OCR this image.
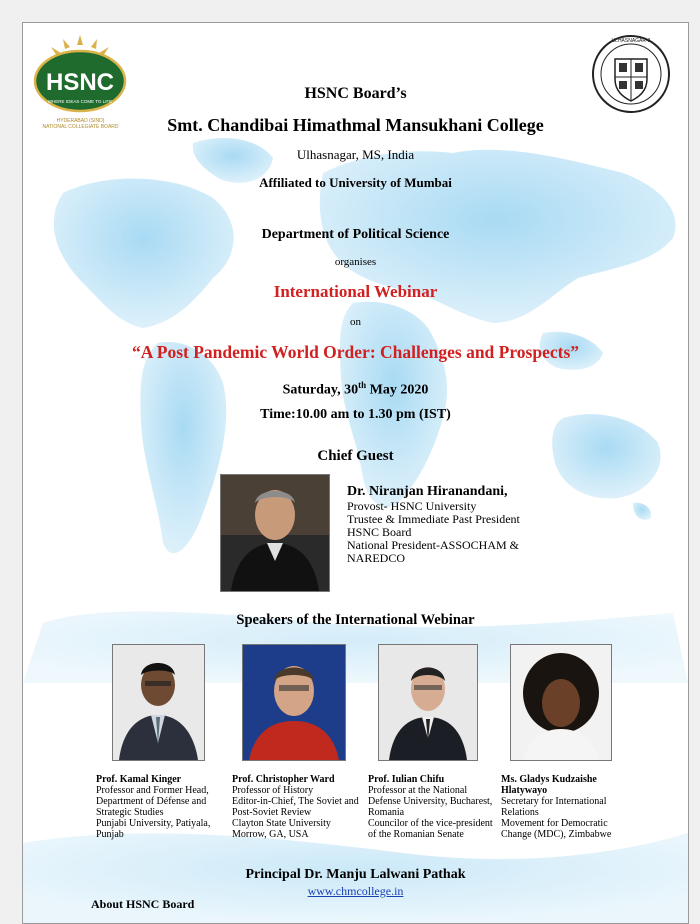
HSNC
WHERE IDEAS COME TO LIFE
HYDERABAD (SIND)
NATIONAL COLLEGIATE BOARD
ULHASNAGAR-3
HSNC Board’s
Smt. Chandibai Himathmal Mansukhani College
Ulhasnagar, MS, India
Affiliated to University of Mumbai
Department of Political Science
organises
International Webinar
on
“A Post Pandemic World Order: Challenges and Prospects”
Saturday, 30th May 2020
Time:10.00 am to 1.30 pm (IST)
Chief Guest
Dr. Niranjan Hiranandani,
Provost- HSNC University
Trustee & Immediate Past President
HSNC Board
National President-ASSOCHAM &
NAREDCO
Speakers of the International Webinar
Prof. Kamal Kinger
Professor and Former Head,
Department of Défense and
Strategic Studies
Punjabi University, Patiyala,
Punjab
Prof. Christopher Ward
Professor of History
Editor-in-Chief, The Soviet and
Post-Soviet Review
Clayton State University
Morrow, GA, USA
Prof. Iulian Chifu
Professor at the National
Defense University, Bucharest,
Romania
Councilor of the vice-president
of the Romanian Senate
Ms. Gladys Kudzaishe
Hlatywayo
Secretary for International
Relations
Movement for Democratic
Change (MDC), Zimbabwe
Principal Dr. Manju Lalwani Pathak
www.chmcollege.in
About HSNC Board
